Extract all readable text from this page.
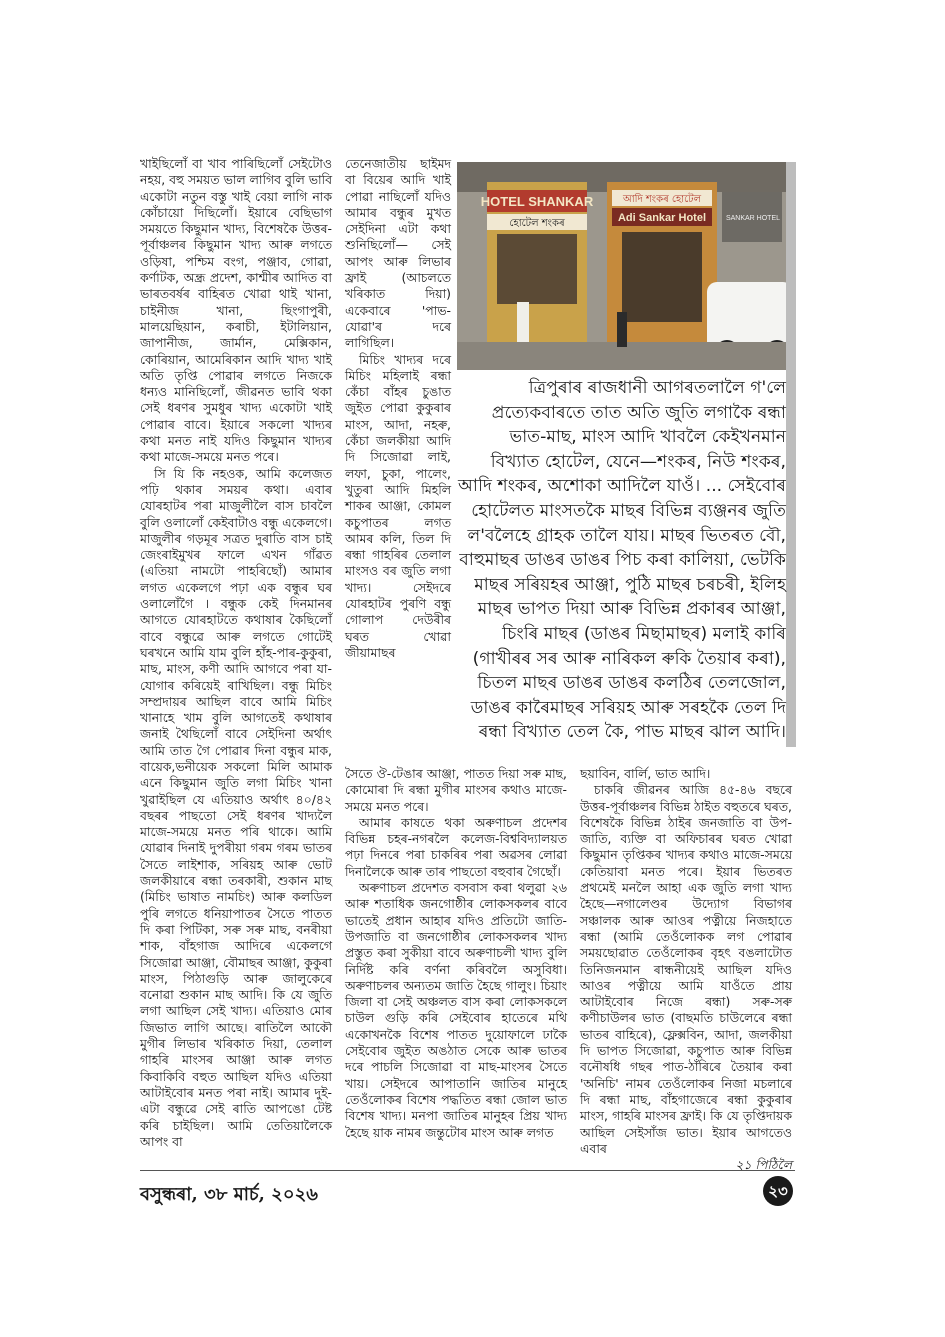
খাইছিলোঁ বা খাব পাৰিছিলোঁ সেইটোও নহয়, বহু সময়ত ভাল লাগিব বুলি ভাবি একোটা নতুন বস্তু খাই বেয়া লাগি নাক কোঁচায়ো দিছিলোঁ। ইয়াৰে বেছিভাগ সময়তে কিছুমান খাদ্য, বিশেষকৈ উত্তৰ-পূৰ্বাঞ্চলৰ কিছুমান খাদ্য আৰু লগতে ওড়িষা, পশ্চিম বংগ, পঞ্জাব, গোৱা, কৰ্ণাটক, অন্ধ্ৰ প্ৰদেশ, কাশ্মীৰ আদিত বা ভাৰতবৰ্ষৰ বাহিৰত খোৱা থাই খানা, চাইনীজ খানা, ছিংগাপুৰী, মালয়েছিয়ান, কৰাচী, ইটালিয়ান, জাপানীজ, জাৰ্মান, মেক্সিকান, কোৰিয়ান, আমেৰিকান আদি খাদ্য খাই অতি তৃপ্তি পোৱাৰ লগতে নিজকে ধন্যও মানিছিলোঁ, জীৱনত ভাবি থকা সেই ধৰণৰ সুমধুৰ খাদ্য একোটা খাই পোৱাৰ বাবে। ইয়াৰে সকলো খাদ্যৰ কথা মনত নাই যদিও কিছুমান খাদ্যৰ কথা মাজে-সময়ে মনত পৰে।

সি যি কি নহওক, আমি কলেজত পঢ়ি থকাৰ সময়ৰ কথা। এবাৰ যোৰহাটৰ পৰা মাজুলীলৈ বাস চাবলৈ বুলি ওলালোঁ কেইবাটাও বন্ধু একেলগে। মাজুলীৰ গড়মূৰ সত্ৰত দুৰাতি বাস চাই জেংৰাইমুখৰ ফালে এখন গাঁৱত (এতিয়া নামটো পাহৰিছোঁ) আমাৰ লগত একেলগে পঢ়া এক বন্ধুৰ ঘৰ ওলালোঁগৈ । বন্ধুক কেই দিনমানৰ আগতে যোৰহাটতে কথাষাৰ কৈছিলোঁ বাবে বন্ধুৱে আৰু লগতে গোটেই ঘৰখনে আমি যাম বুলি হাঁহ-পাৰ-কুকুৰা, মাছ, মাংস, কণী আদি আগবে পৰা যা-যোগাৰ কৰিয়েই ৰাখিছিল। বন্ধু মিচিং সম্প্ৰদায়ৰ আছিল বাবে আমি মিচিং খানাহে খাম বুলি আগতেই কথাষাৰ জনাই থৈছিলোঁ বাবে সেইদিনা অৰ্থাৎ আমি তাত গৈ পোৱাৰ দিনা বন্ধুৰ মাক, বায়েক,ভনীয়েক সকলো মিলি আমাক এনে কিছুমান জুতি লগা মিচিং খানা খুৱাইছিল যে এতিয়াও অৰ্থাৎ ৪০/৪২ বছৰৰ পাছতো সেই ধৰণৰ খাদ্যলৈ মাজে-সময়ে মনত পৰি থাকে। আমি যোৱাৰ দিনাই দুপৰীয়া গৰম গৰম ভাতৰ সৈতে লাইশাক, সৰিয়হ আৰু ভোট জলকীয়াৰে ৰন্ধা তৰকাৰী, শুকান মাছ (মিচিং ভাষাত নামচিং) আৰু কলডিল পুৰি লগতে ধনিয়াপাতৰ সৈতে পাতত দি কৰা পিটিকা, সৰু সৰু মাছ, বনৰীয়া শাক, বাঁহগাজ আদিৰে একেলগে সিজোৱা আঞ্জা, বৌমাছৰ আঞ্জা, কুকুৰা মাংস, পিঠাগুড়ি আৰু জালুকেৰে বনোৱা শুকান মাছ আদি। কি যে জুতি লগা আছিল সেই খাদ্য। এতিয়াও মোৰ জিভাত লাগি আছে। ৰাতিলৈ আকৌ মুগীৰ লিভাৰ খৰিকাত দিয়া, তেলাল গাহৰি মাংসৰ আঞ্জা আৰু লগত কিবাকিবি বহুত আছিল যদিও এতিয়া আটাইবোৰ মনত পৰা নাই। আমাৰ দুই-এটা বন্ধুৱে সেই ৰাতি আপঙো টেষ্ট কৰি চাইছিল। আমি তেতিয়ালৈকে আপং বা

তেনেজাতীয় ছাইমদ বা বিয়েৰ আদি খাই পোৱা নাছিলোঁ যদিও আমাৰ বন্ধুৰ মুখত সেইদিনা এটা কথা শুনিছিলোঁ— সেই আপং আৰু লিভাৰ ফ্ৰাই (আচলতে খৰিকাত দিয়া) একেবাৰে 'পাভ-যোৱা'ৰ দৰে লাগিছিল।

মিচিং খাদ্যৰ দৰে মিচিং মহিলাই ৰন্ধা কেঁচা বাঁহৰ চুঙাত জুইত পোৱা কুকুৰাৰ মাংস, আদা, নহৰু, কেঁচা জলকীয়া আদি দি সিজোৱা লাই, লফা, চুকা, পালেং, খুতুৰা আদি মিহলি শাকৰ আঞ্জা, কোমল কচুপাতৰ লগত আমৰ কলি, তিল দি ৰন্ধা গাহৰিৰ তেলাল মাংসও বৰ জুতি লগা খাদ্য। সেইদৰে যোৰহাটৰ পুৰণি বন্ধু গোলাপ দেউৰীৰ ঘৰত খোৱা জীয়ামাছৰ

HOTEL SHANKAR
হোটেল শংকৰ
আদি শংকৰ হোটেল
Adi Sankar Hotel	SANKAR HOTEL
ত্ৰিপুৰাৰ ৰাজধানী আগৰতলালৈ গ'লে প্ৰত্যেকবাৰতে তাত অতি জুতি লগাকৈ ৰন্ধা ভাত-মাছ, মাংস আদি খাবলৈ কেইখনমান বিখ্যাত হোটেল, যেনে—শংকৰ, নিউ শংকৰ, আদি শংকৰ, অশোকা আদিলৈ যাওঁ। ... সেইবোৰ হোটেলত মাংসতকৈ মাছৰ বিভিন্ন ব্যঞ্জনৰ জুতি ল'বলৈহে গ্ৰাহক তালৈ যায়। মাছৰ ভিতৰত বৌ, বাহুমাছৰ ডাঙৰ ডাঙৰ পিচ কৰা কালিয়া, ভেটকি মাছৰ সৰিয়হৰ আঞ্জা, পুঠি মাছৰ চৰচৰী, ইলিহ মাছৰ ভাপত দিয়া আৰু বিভিন্ন প্ৰকাৰৰ আঞ্জা, চিংৰি মাছৰ (ডাঙৰ মিছামাছৰ) মলাই কাৰি (গাখীৰৰ সৰ আৰু নাৰিকল ৰুকি তৈয়াৰ কৰা), চিতল মাছৰ ডাঙৰ ডাঙৰ কলঠিৰ তেলজোল, ডাঙৰ কাৰৈমাছৰ সৰিয়হ আৰু সৰহকৈ তেল দি ৰন্ধা বিখ্যাত তেল কৈ, পাভ মাছৰ ঝাল আদি।

সৈতে ঔ-টেঙাৰ আঞ্জা, পাতত দিয়া সৰু মাছ, কোমোৰা দি ৰন্ধা মুগীৰ মাংসৰ কথাও মাজে-সময়ে মনত পৰে।

আমাৰ কাষতে থকা অৰুণাচল প্ৰদেশৰ বিভিন্ন চহৰ-নগৰলৈ কলেজ-বিশ্ববিদ্যালয়ত পঢ়া দিনৰে পৰা চাকৰিৰ পৰা অৱসৰ লোৱা দিনালৈকে আৰু তাৰ পাছতো বহুবাৰ গৈছোঁ।

অৰুণাচল প্ৰদেশত বসবাস কৰা থলুৱা ২৬ আৰু শতাধিক জনগোষ্ঠীৰ লোকসকলৰ বাবে ভাতেই প্ৰধান আহাৰ যদিও প্ৰতিটো জাতি-উপজাতি বা জনগোষ্ঠীৰ লোকসকলৰ খাদ্য প্ৰস্তুত কৰা সুকীয়া বাবে অৰুণাচলী খাদ্য বুলি নিৰ্দিষ্ট কৰি বৰ্ণনা কৰিবলৈ অসুবিধা। অৰুণাচলৰ অন্যতম জাতি হৈছে গালুং। চিয়াং জিলা বা সেই অঞ্চলত বাস কৰা লোকসকলে চাউল গুড়ি কৰি সেইবোৰ হাতেৰে মথি একোখনকৈ বিশেষ পাতত দুয়োফালে ঢাকৈ সেইবোৰ জুইত অঙঠাত সেকে আৰু ভাতৰ দৰে পাচলি সিজোৱা বা মাছ-মাংসৰ সৈতে খায়। সেইদৰে আপাতানি জাতিৰ মানুহে তেওঁলোকৰ বিশেষ পদ্ধতিত ৰন্ধা জোল ভাত বিশেষ খাদ্য। মনপা জাতিৰ মানুহৰ প্ৰিয় খাদ্য হৈছে য়াক নামৰ জন্তুটোৰ মাংস আৰু লগত

ছয়াবিন, বাৰ্লি, ভাত আদি।

চাকৰি জীৱনৰ আজি ৪৫-৪৬ বছৰে উত্তৰ-পূৰ্বাঞ্চলৰ বিভিন্ন ঠাইত বহুতৰে ঘৰত, বিশেষকৈ বিভিন্ন ঠাইৰ জনজাতি বা উপ-জাতি, ব্যক্তি বা অফিচাৰৰ ঘৰত খোৱা কিছুমান তৃপ্তিকৰ খাদ্যৰ কথাও মাজে-সময়ে কেতিয়াবা মনত পৰে। ইয়াৰ ভিতৰত প্ৰথমেই মনলৈ আহা এক জুতি লগা খাদ্য হৈছে—নগালেণ্ডৰ উদ্যোগ বিভাগৰ সঞ্চালক আৰু আওৰ পত্নীয়ে নিজহাতে ৰন্ধা (আমি তেওঁলোকক লগ পোৱাৰ সময়ছোৱাত তেওঁলোকৰ বৃহৎ বঙলাটোত তিনিজনমান ৰান্ধনীয়েই আছিল যদিও আওৰ পত্নীয়ে আমি যাওঁতে প্ৰায় আটাইবোৰ নিজে ৰন্ধা) সৰু-সৰু কণীচাউলৰ ভাত (বাছমতি চাউলেৰে ৰন্ধা ভাতৰ বাহিৰে), ফ্লেক্সবিন, আদা, জলকীয়া দি ভাপত সিজোৱা, কচুপাত আৰু বিভিন্ন বনৌষধি গছৰ পাত-ঠাঁৰিৰে তৈয়াৰ কৰা 'অনিচি' নামৰ তেওঁলোকৰ নিজা মচলাৰে দি ৰন্ধা মাছ, বাঁহগাজেৰে ৰন্ধা কুকুৰাৰ মাংস, গাহৰি মাংসৰ ফ্ৰাই। কি যে তৃপ্তিদায়ক আছিল সেইসাঁজ ভাত। ইয়াৰ আগতেও এবাৰ

২১ পিঠিলৈ
বসুন্ধৰা, ৩৮ মাৰ্চ, ২০২৬	২৩
